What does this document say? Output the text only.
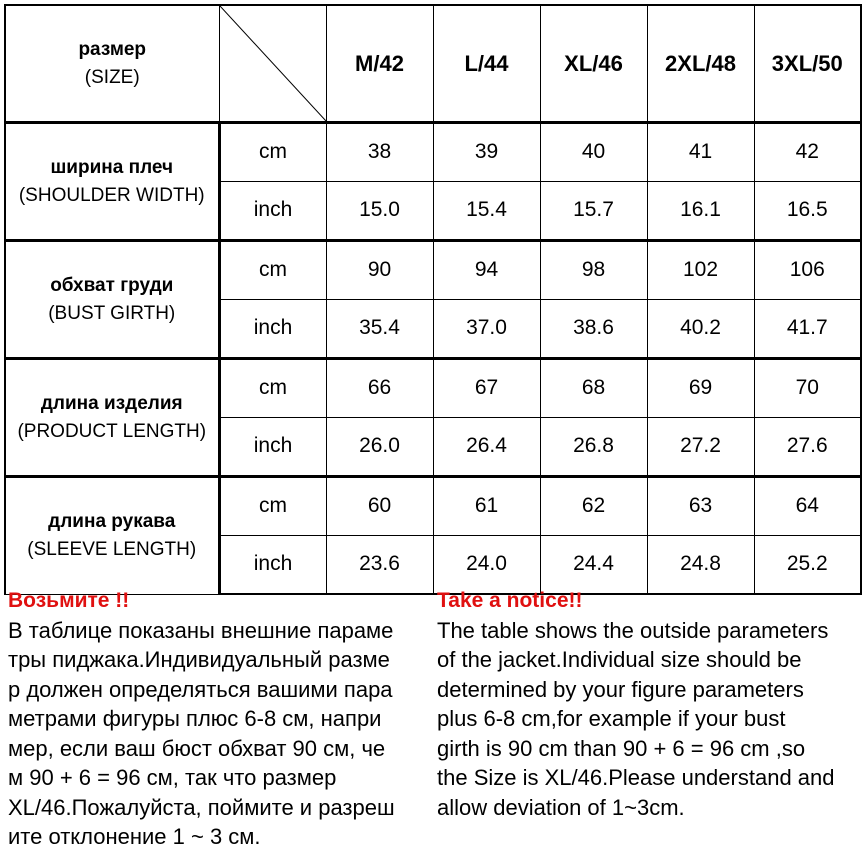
размер
(SIZE)		M/42	L/44	XL/46	2XL/48	3XL/50

ширина плеч
(SHOULDER WIDTH)	cm	38	39	40	41	42
	inch	15.0	15.4	15.7	16.1	16.5

обхват груди
(BUST GIRTH)	cm	90	94	98	102	106
	inch	35.4	37.0	38.6	40.2	41.7

длина изделия
(PRODUCT LENGTH)	cm	66	67	68	69	70
	inch	26.0	26.4	26.8	27.2	27.6

длина рукава
(SLEEVE LENGTH)	cm	60	61	62	63	64
	inch	23.6	24.0	24.4	24.8	25.2
Возьмите !!
В таблице показаны внешние параме
тры пиджака.Индивидуальный разме
р должен определяться вашими пара
метрами фигуры плюс 6-8 см, напри
мер, если ваш бюст обхват 90 см, че
м 90 + 6 = 96 см, так что размер
XL/46.Пожалуйста, поймите и разреш
ите отклонение 1 ~ 3 см.
Take a notice!!
The table shows the outside parameters
of the jacket.Individual size should be
determined by your figure parameters
plus 6-8 cm,for example if your bust
girth is 90 cm than 90 + 6 = 96 cm ,so
the Size is XL/46.Please understand and
allow deviation of 1~3cm.
